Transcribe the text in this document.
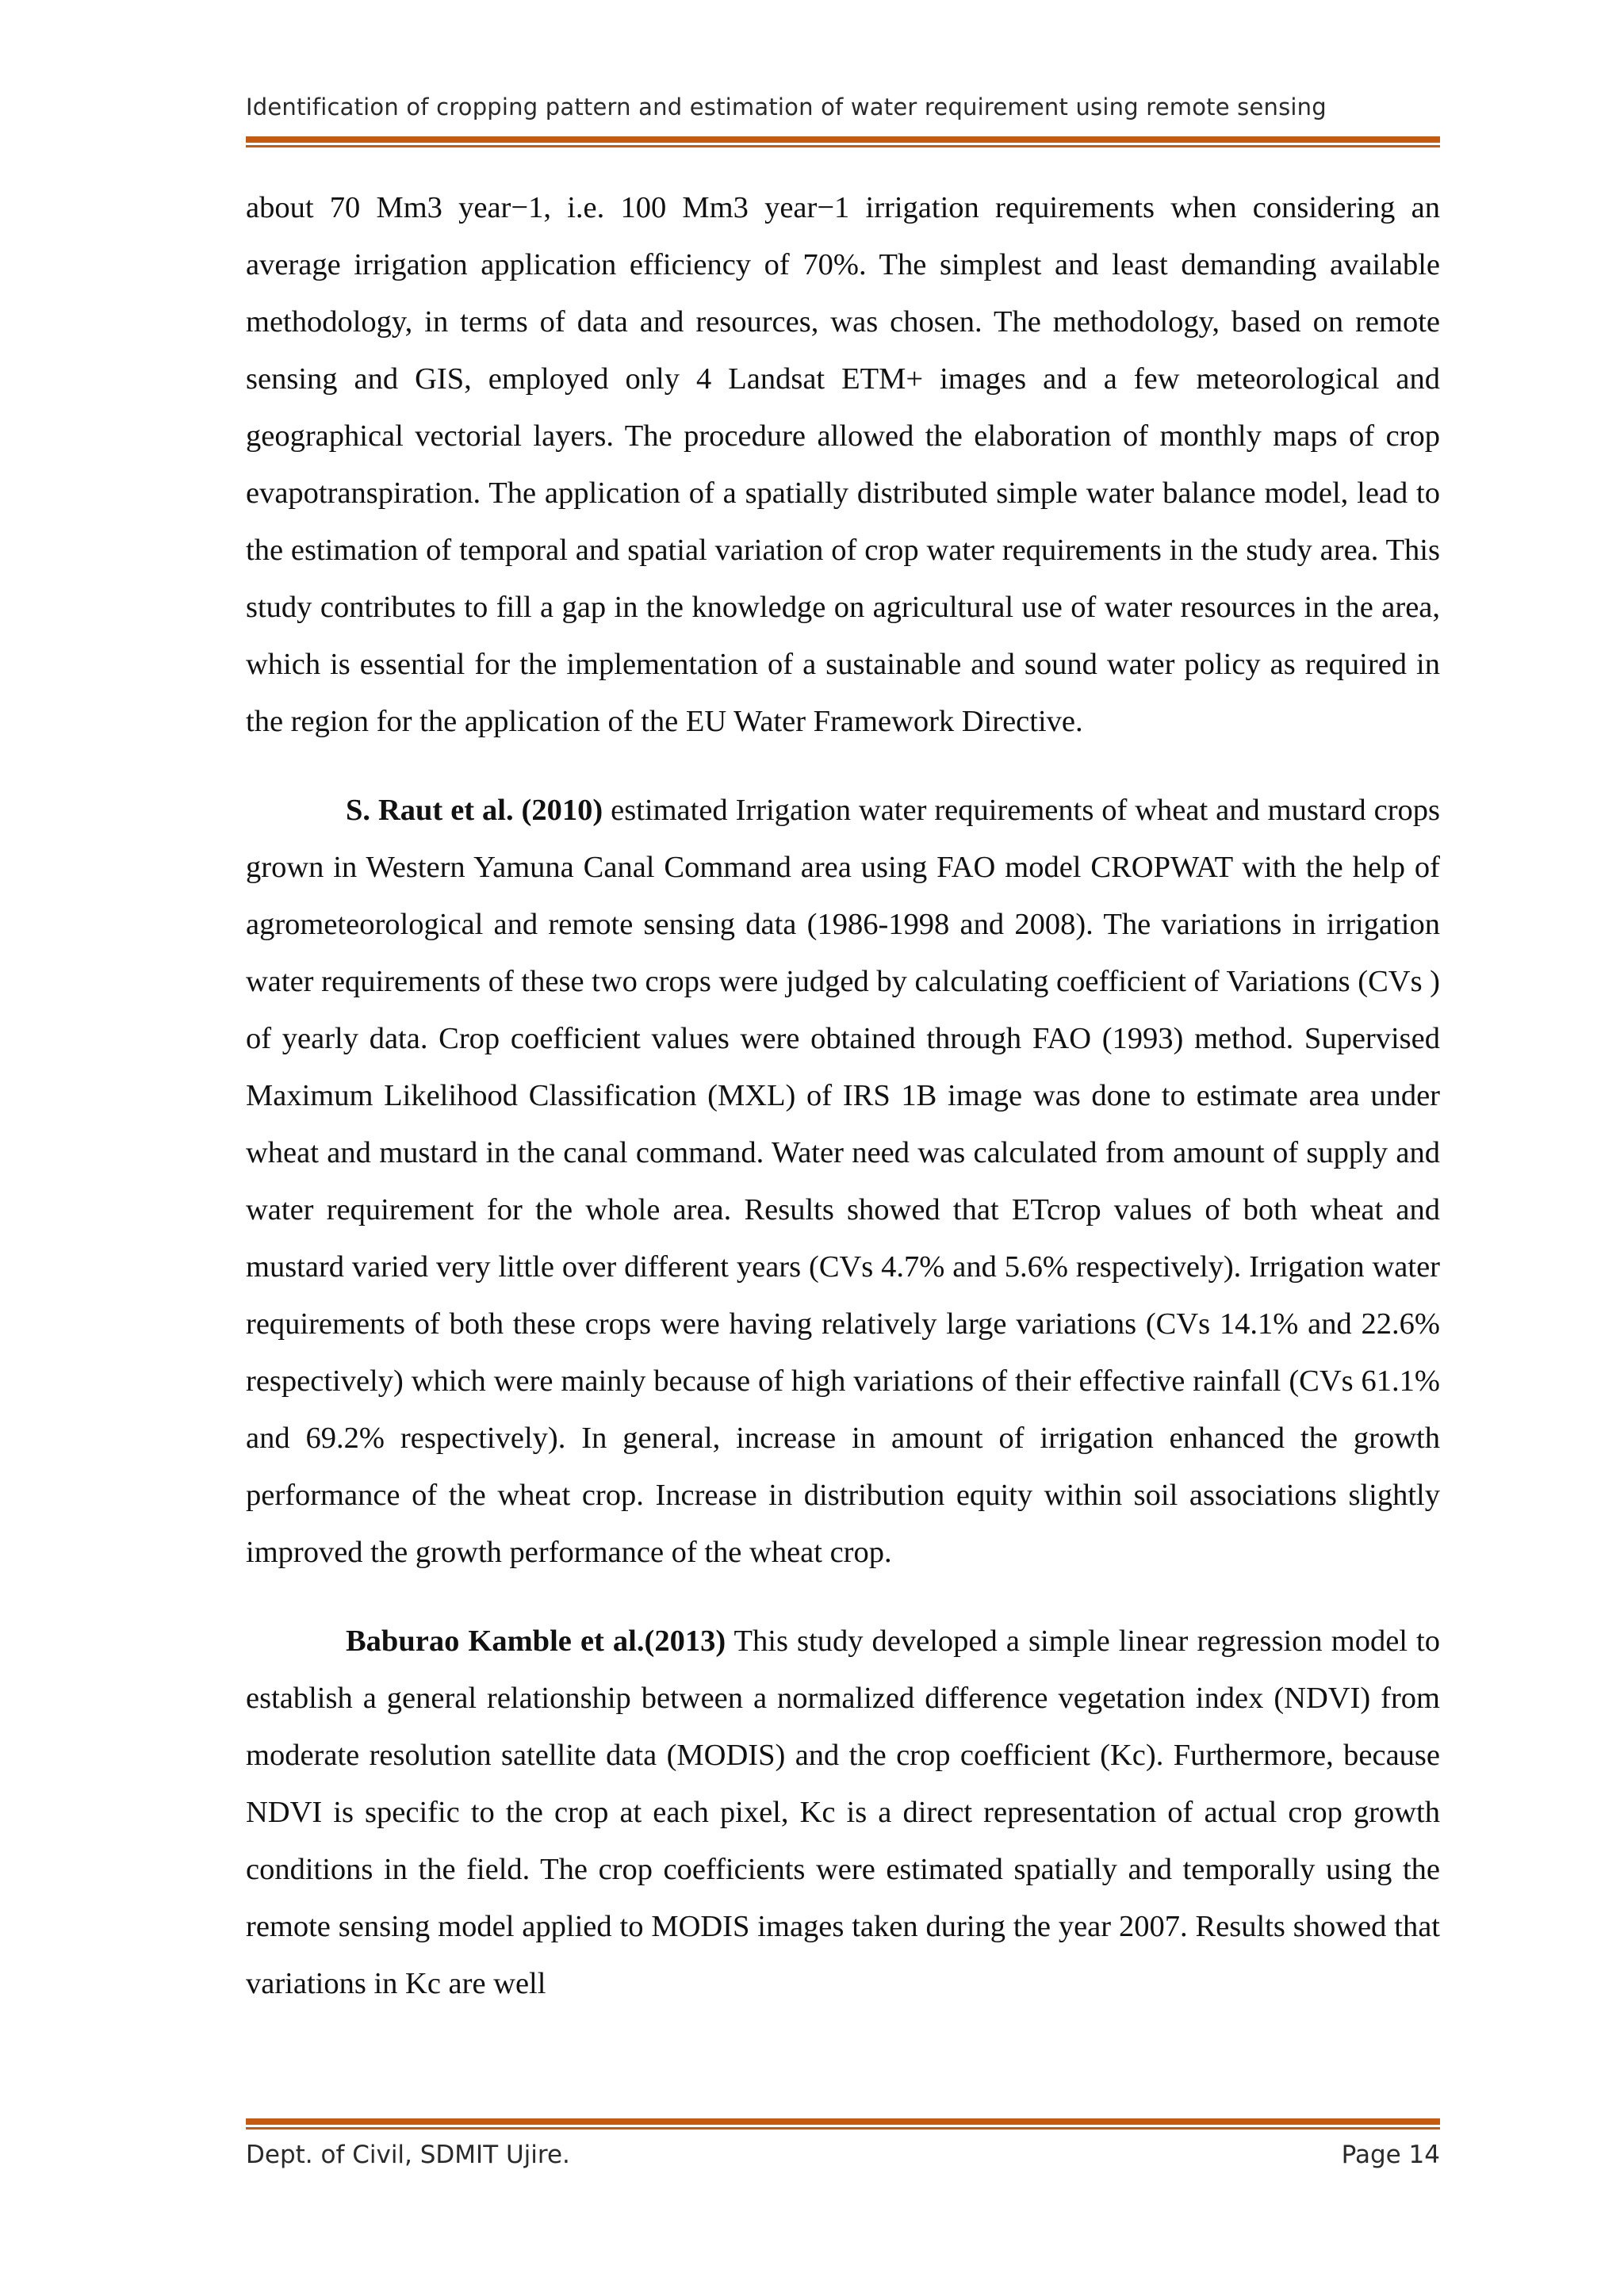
Identification of cropping pattern and estimation of water requirement using remote sensing

about 70 Mm3 year−1, i.e. 100 Mm3 year−1 irrigation requirements when considering an average irrigation application efficiency of 70%. The simplest and least demanding available methodology, in terms of data and resources, was chosen. The methodology, based on remote sensing and GIS, employed only 4 Landsat ETM+ images and a few meteorological and geographical vectorial layers. The procedure allowed the elaboration of monthly maps of crop evapotranspiration. The application of a spatially distributed simple water balance model, lead to the estimation of temporal and spatial variation of crop water requirements in the study area. This study contributes to fill a gap in the knowledge on agricultural use of water resources in the area, which is essential for the implementation of a sustainable and sound water policy as required in the region for the application of the EU Water Framework Directive.

S. Raut et al. (2010) estimated Irrigation water requirements of wheat and mustard crops grown in Western Yamuna Canal Command area using FAO model CROPWAT with the help of agrometeorological and remote sensing data (1986-1998 and 2008). The variations in irrigation water requirements of these two crops were judged by calculating coefficient of Variations (CVs ) of yearly data. Crop coefficient values were obtained through FAO (1993) method. Supervised Maximum Likelihood Classification (MXL) of IRS 1B image was done to estimate area under wheat and mustard in the canal command. Water need was calculated from amount of supply and water requirement for the whole area. Results showed that ETcrop values of both wheat and mustard varied very little over different years (CVs 4.7% and 5.6% respectively). Irrigation water requirements of both these crops were having relatively large variations (CVs 14.1% and 22.6% respectively) which were mainly because of high variations of their effective rainfall (CVs 61.1% and 69.2% respectively). In general, increase in amount of irrigation enhanced the growth performance of the wheat crop. Increase in distribution equity within soil associations slightly improved the growth performance of the wheat crop.

Baburao Kamble et al.(2013) This study developed a simple linear regression model to establish a general relationship between a normalized difference vegetation index (NDVI) from moderate resolution satellite data (MODIS) and the crop coefficient (Kc). Furthermore, because NDVI is specific to the crop at each pixel, Kc is a direct representation of actual crop growth conditions in the field. The crop coefficients were estimated spatially and temporally using the remote sensing model applied to MODIS images taken during the year 2007. Results showed that variations in Kc are well

Dept. of Civil, SDMIT Ujire.	Page 14
